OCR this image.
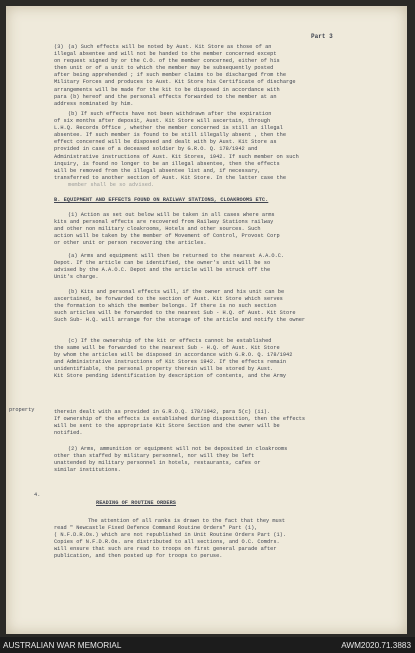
Part 3
(3) (a) Such effects will be noted by Aust. Kit Store as those of an
illegal absentee and will not be handed to the member concerned except
on request signed by or the C.O. of the member concerned, either of his
then unit or of a unit to which the member may be subsequently posted
after being apprehended ; if such member claims to be discharged from the
Military Forces and produces to Aust. Kit Store his Certificate of discharge
arrangements will be made for the kit to be disposed in accordance with
para (b) hereof and the personal effects forwarded to the member at an
address nominated by him.
(b) If such effects have not been withdrawn after the expiration
of six months after deposit, Aust. Kit Store will ascertain, through
L.H.Q. Records Office , whether the member concerned is still an illegal
absentee. If such member is found to be still illegally absent , then the
effect concerned will be disposed and dealt with by Aust. Kit Store as
provided in case of a deceased soldier by G.R.O. Q. 178/1942 and
Administrative instructions of Aust. Kit Stores, 1942. If such member on such
inquiry, is found no longer to be an illegal absentee, then the effects
will be removed from the illegal absentee list and, if necessary,
transferred to another section of Aust. Kit Store. In the latter case the
member shall be so advised.
B. EQUIPMENT AND EFFECTS FOUND ON RAILWAY STATIONS, CLOAKROOMS ETC.
(1) Action as set out below will be taken in all cases where arms
kits and personal effects are recovered from Railway Stations railway
and other non military cloakrooms, Hotels and other sources. Such
action will be taken by the member of Movement of Control, Provost Corp
or other unit or person recovering the articles.
(a) Arms and equipment will then be returned to the nearest A.A.O.C.
Depot. If the article can be identified, the owner's unit will be so
advised by the A.A.O.C. Depot and the article will be struck off the
Unit's charge.
(b) Kits and personal effects will, if the owner and his unit can be
ascertained, be forwarded to the section of Aust. Kit Store which serves
the formation to which the member belongs. If there is no such section
such articles will be forwarded to the nearest Sub - H.Q. of Aust. Kit Store
Such Sub- H.Q. will arrange for the storage of the article and notify the owner
(c) If the ownership of the kit or effects cannot be established
the same will be forwarded to the nearest Sub - H.Q. of Aust. Kit Store
by whom the articles will be disposed in accordance with G.R.O. Q. 178/1942
and Administrative instructions of Kit Stores 1942. If the effects remain
unidentifiable, the personal property therein will be stored by Aust.
Kit Store pending identification by description of contents, and the Army
property	therein dealt with as provided in G.R.O.Q. 178/1942, para 5(c) (ii).
If ownership of the effects is established during disposition, then the effects
will be sent to the appropriate Kit Store Section and the owner will be
notified.
(2) Arms, ammunition or equipment will not be deposited in cloakrooms
other than staffed by military personnel, nor will they be left
unattended by military personnel in hotels, restaurants, cafes or
similar institutions.
4.
READING OF ROUTINE ORDERS
The attention of all ranks is drawn to the fact that they must
read " Newcastle Fixed Defence Command Routine Orders" Part (1),
( N.F.D.R.Os.) which are not republished in Unit Routine Orders Part (1).
Copies of N.F.D.R.Os. are distributed to all sections, and O.C. Comdrs.
will ensure that such are read to troops on first general parade after
publication, and then posted up for troops to peruse.
AUSTRALIAN WAR MEMORIAL	AWM2020.71.3883
